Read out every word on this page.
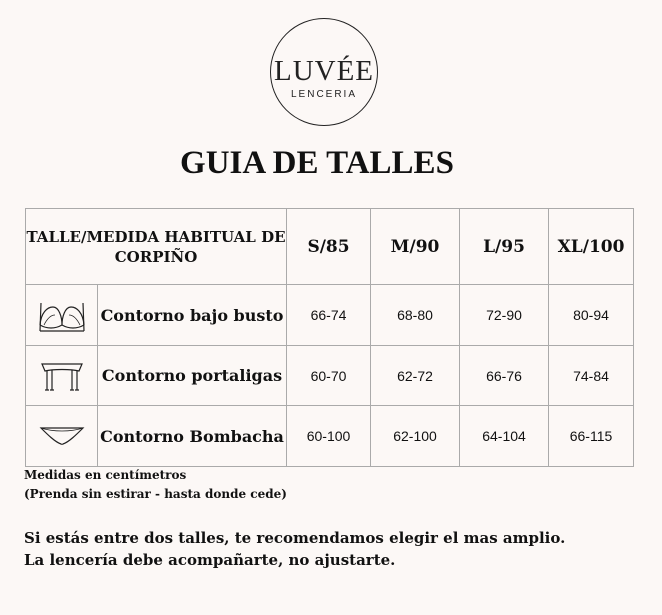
LUVÉE
LENCERIA
GUIA DE TALLES
TALLE/MEDIDA HABITUAL DE CORPIÑO		S/85	M/90	L/95	XL/100

	Contorno bajo busto	66-74	68-80	72-90	80-94

	Contorno portaligas	60-70	62-72	66-76	74-84

	Contorno Bombacha	60-100	62-100	64-104	66-115
Medidas en centímetros
(Prenda sin estirar - hasta donde cede)
Si estás entre dos talles, te recomendamos elegir el mas amplio.
La lencería debe acompañarte, no ajustarte.
